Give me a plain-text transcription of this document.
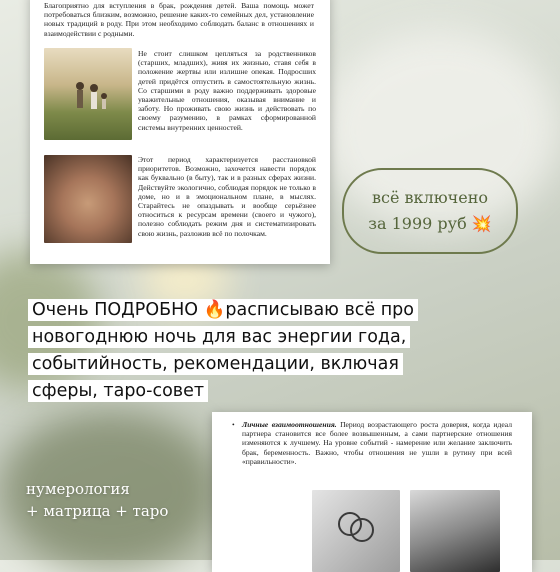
Благоприятно для вступления в брак, рождения детей. Ваша помощь может потребоваться близким, возможно, решение каких-то семейных дел, установление новых традиций в роду. При этом необходимо соблюдать баланс в отношениях и взаимодействии с родными.
Не стоит слишком цепляться за родственников (старших, младших), живя их жизнью, ставя себя в положение жертвы или излишне опекая. Подросших детей придётся отпустить в самостоятельную жизнь. Со старшими в роду важно поддерживать здоровые уважительные отношения, оказывая внимание и заботу. Но проживать свою жизнь и действовать по своему разумению, в рамках сформированной системы внутренних ценностей.
Этот период характеризуется расстановкой приоритетов. Возможно, захочется навести порядок как буквально (в быту), так и в разных сферах жизни. Действуйте экологично, соблюдая порядок не только в доме, но и в эмоциональном плане, в мыслях. Старайтесь не опаздывать и вообще серьёзнее относиться к ресурсам времени (своего и чужого), полезно соблюдать режим дня и систематизировать свою жизнь, разложив всё по полочкам.
всё включено
за 1999 руб 💥
Очень ПОДРОБНО 🔥расписываю всё про
новогоднюю ночь для вас энергии года,
событийность, рекомендации, включая
сферы, таро-совет
• Личные взаимоотношения. Период возрастающего роста доверия, когда идеал партнера становится все более возвышенным, а сами партнерские отношения изменяются к лучшему. На уровне событий - намерение или желание заключить брак, беременность. Важно, чтобы отношения не ушли в рутину при всей «правильности».
нумерология
+ матрица + таро
